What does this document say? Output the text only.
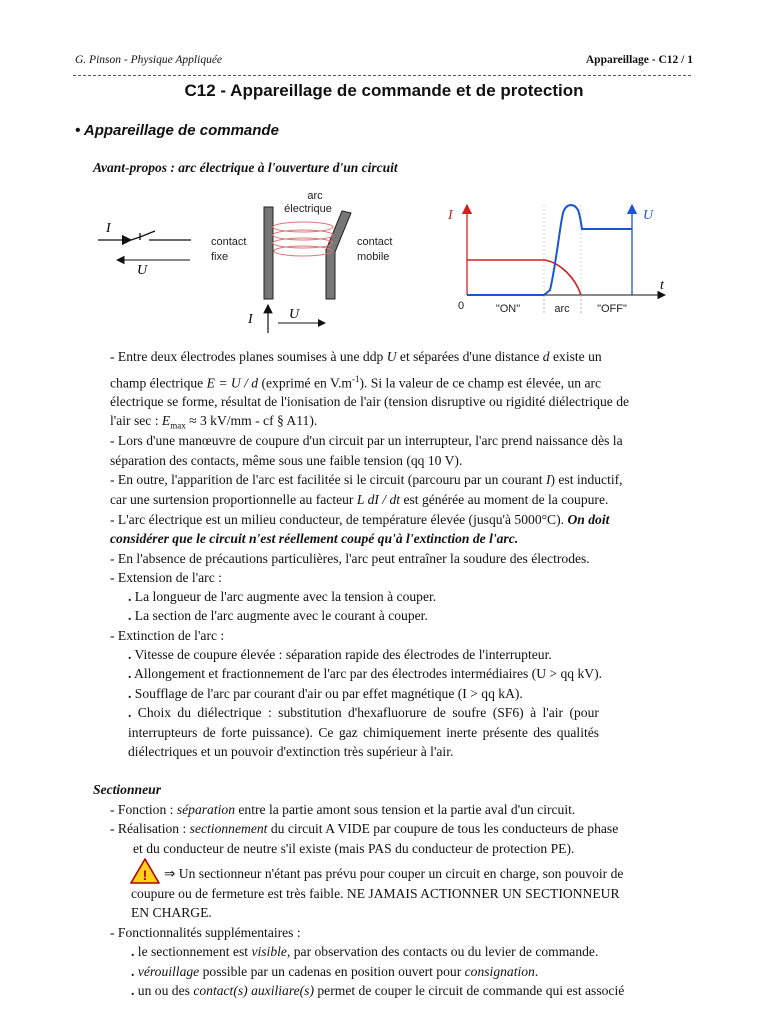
G. Pinson - Physique Appliquée	Appareillage - C12 / 1
C12 - Appareillage de commande et de protection
• Appareillage de commande
Avant-propos : arc électrique à l'ouverture d'un circuit
I
U
arc
électrique
contact
fixe
contact
mobile
I	U
I	U
t
0	"ON"	arc "OFF"
- Entre deux électrodes planes soumises à une ddp U et séparées d'une distance d existe un
champ électrique E = U / d (exprimé en $V.m^{-1}$). Si la valeur de ce champ est élevée, un arc
électrique se forme, résultat de l'ionisation de l'air (tension disruptive ou rigidité diélectrique de
l'air sec : $E_{max} \approx 3$ kV/mm - cf § A11).
- Lors d'une manœuvre de coupure d'un circuit par un interrupteur, l'arc prend naissance dès la
séparation des contacts, même sous une faible tension (qq 10 V).
- En outre, l'apparition de l'arc est facilitée si le circuit (parcouru par un courant I) est inductif,
car une surtension proportionnelle au facteur L dI / dt est générée au moment de la coupure.
- L'arc électrique est un milieu conducteur, de température élevée (jusqu'à 5000°C). On doit
considérer que le circuit n'est réellement coupé qu'à l'extinction de l'arc.
- En l'absence de précautions particulières, l'arc peut entraîner la soudure des électrodes.
- Extension de l'arc :
. La longueur de l'arc augmente avec la tension à couper.
. La section de l'arc augmente avec le courant à couper.
- Extinction de l'arc :
. Vitesse de coupure élevée : séparation rapide des électrodes de l'interrupteur.
. Allongement et fractionnement de l'arc par des électrodes intermédiaires (U > qq kV).
. Soufflage de l'arc par courant d'air ou par effet magnétique (I > qq kA).
. Choix du diélectrique : substitution d'hexafluorure de soufre (SF6) à l'air (pour
interrupteurs de forte puissance). Ce gaz chimiquement inerte présente des qualités
diélectriques et un pouvoir d'extinction très supérieur à l'air.
Sectionneur
- Fonction : séparation entre la partie amont sous tension et la partie aval d'un circuit.
- Réalisation : sectionnement du circuit A VIDE par coupure de tous les conducteurs de phase
et du conducteur de neutre s'il existe (mais PAS du conducteur de protection PE).
! ⇒ Un sectionneur n'étant pas prévu pour couper un circuit en charge, son pouvoir de
coupure ou de fermeture est très faible. NE JAMAIS ACTIONNER UN SECTIONNEUR
EN CHARGE.
- Fonctionnalités supplémentaires :
. le sectionnement est visible, par observation des contacts ou du levier de commande.
. vérouillage possible par un cadenas en position ouvert pour consignation.
. un ou des contact(s) auxiliare(s) permet de couper le circuit de commande qui est associé
